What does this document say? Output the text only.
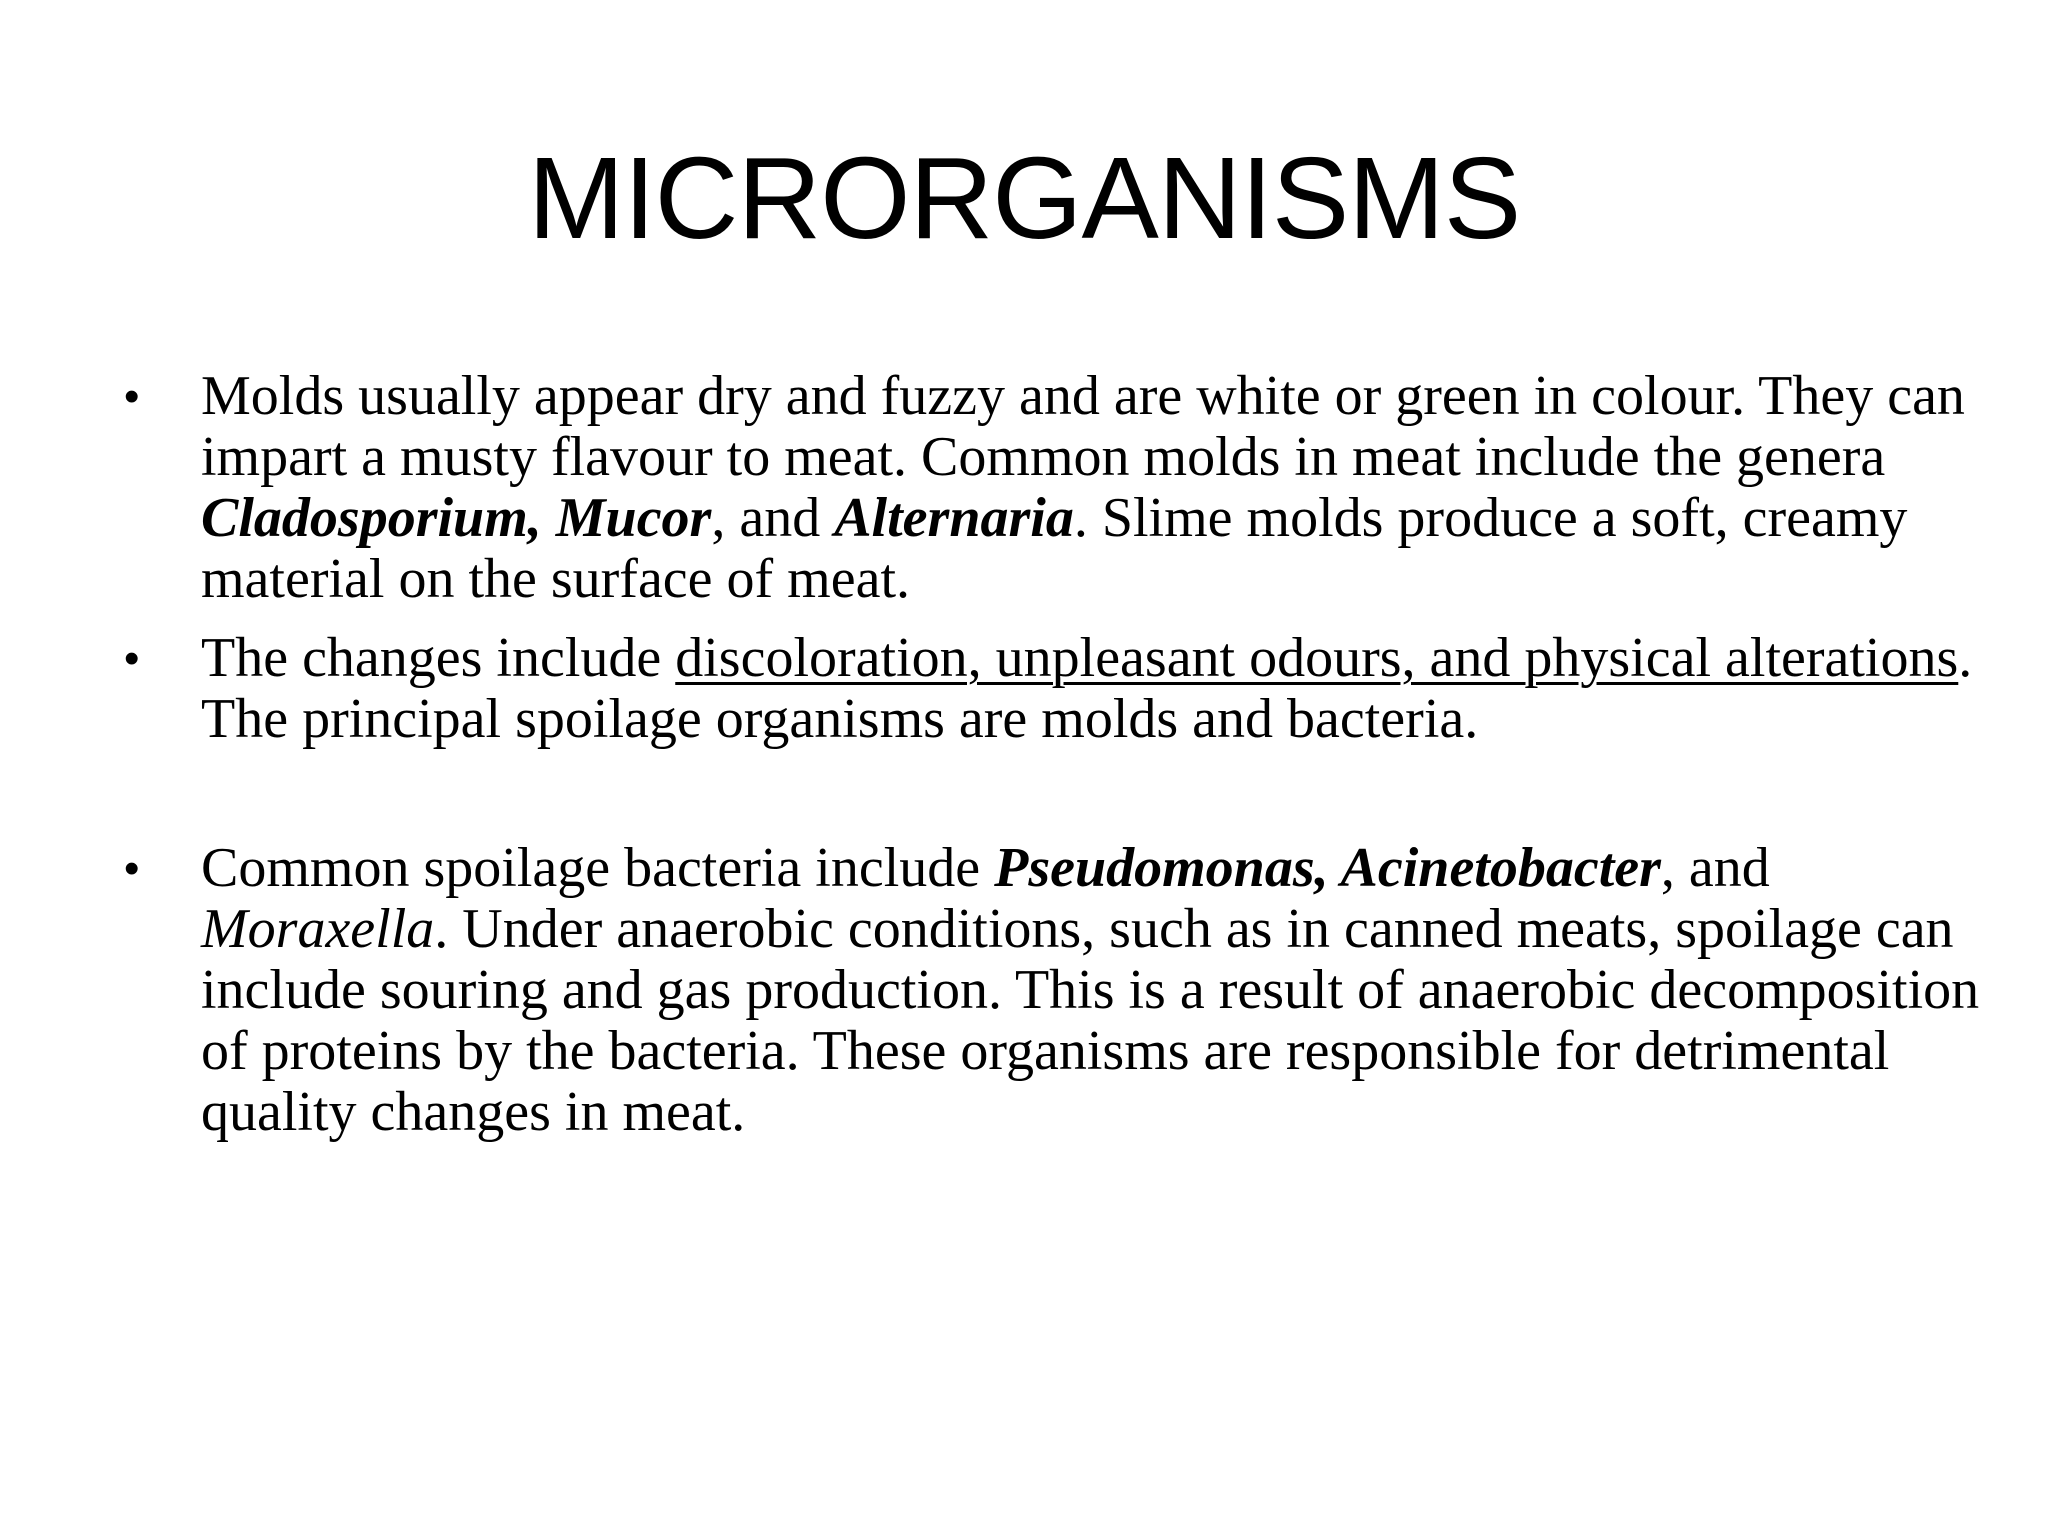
MICRORGANISMS
• Molds usually appear dry and fuzzy and are white or green in colour. They can impart a musty flavour to meat. Common molds in meat include the genera Cladosporium, Mucor, and Alternaria. Slime molds produce a soft, creamy material on the surface of meat.
• The changes include discoloration, unpleasant odours, and physical alterations. The principal spoilage organisms are molds and bacteria.
• Common spoilage bacteria include Pseudomonas, Acinetobacter, and Moraxella. Under anaerobic conditions, such as in canned meats, spoilage can include souring and gas production. This is a result of anaerobic decomposition of proteins by the bacteria. These organisms are responsible for detrimental quality changes in meat.
